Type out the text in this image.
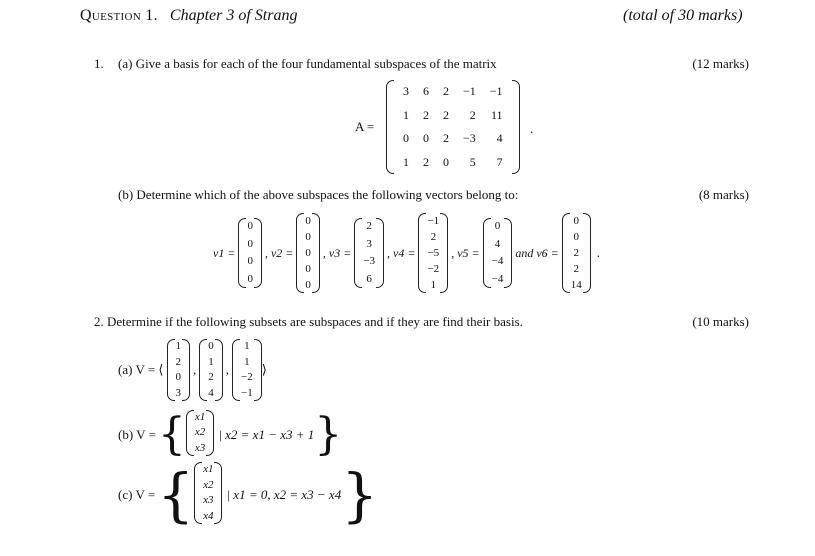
Question 1. Chapter 3 of Strang	(total of 30 marks)
1. (a) Give a basis for each of the four fundamental subspaces of the matrix	(12 marks)
A =
3	6	2	−1	−1
1	2	2	2	11
0	0	2	−3	4
1	2	0	5	7
.
(b) Determine which of the above subspaces the following vectors belong to:	(8 marks)
v1 =
0
0
0
0
, v2 =
0
0
0
0
0
, v3 =
2
3
−3
6
, v4 =
−1
2
−5
−2
1
, v5 =
0
4
−4
−4
and v6 =
0
0
2
2
14
.
2. Determine if the following subsets are subspaces and if they are find their basis.	(10 marks)
(a) V = ⟨
1
2
0
3
,
0
1
2
4
,
1
1
−2
−1
⟩
(b) V = { x1
x2
x3
| x2 = x1 − x3 + 1 }
(c) V = { x1
x2
x3
x4
| x1 = 0, x2 = x3 − x4 }
